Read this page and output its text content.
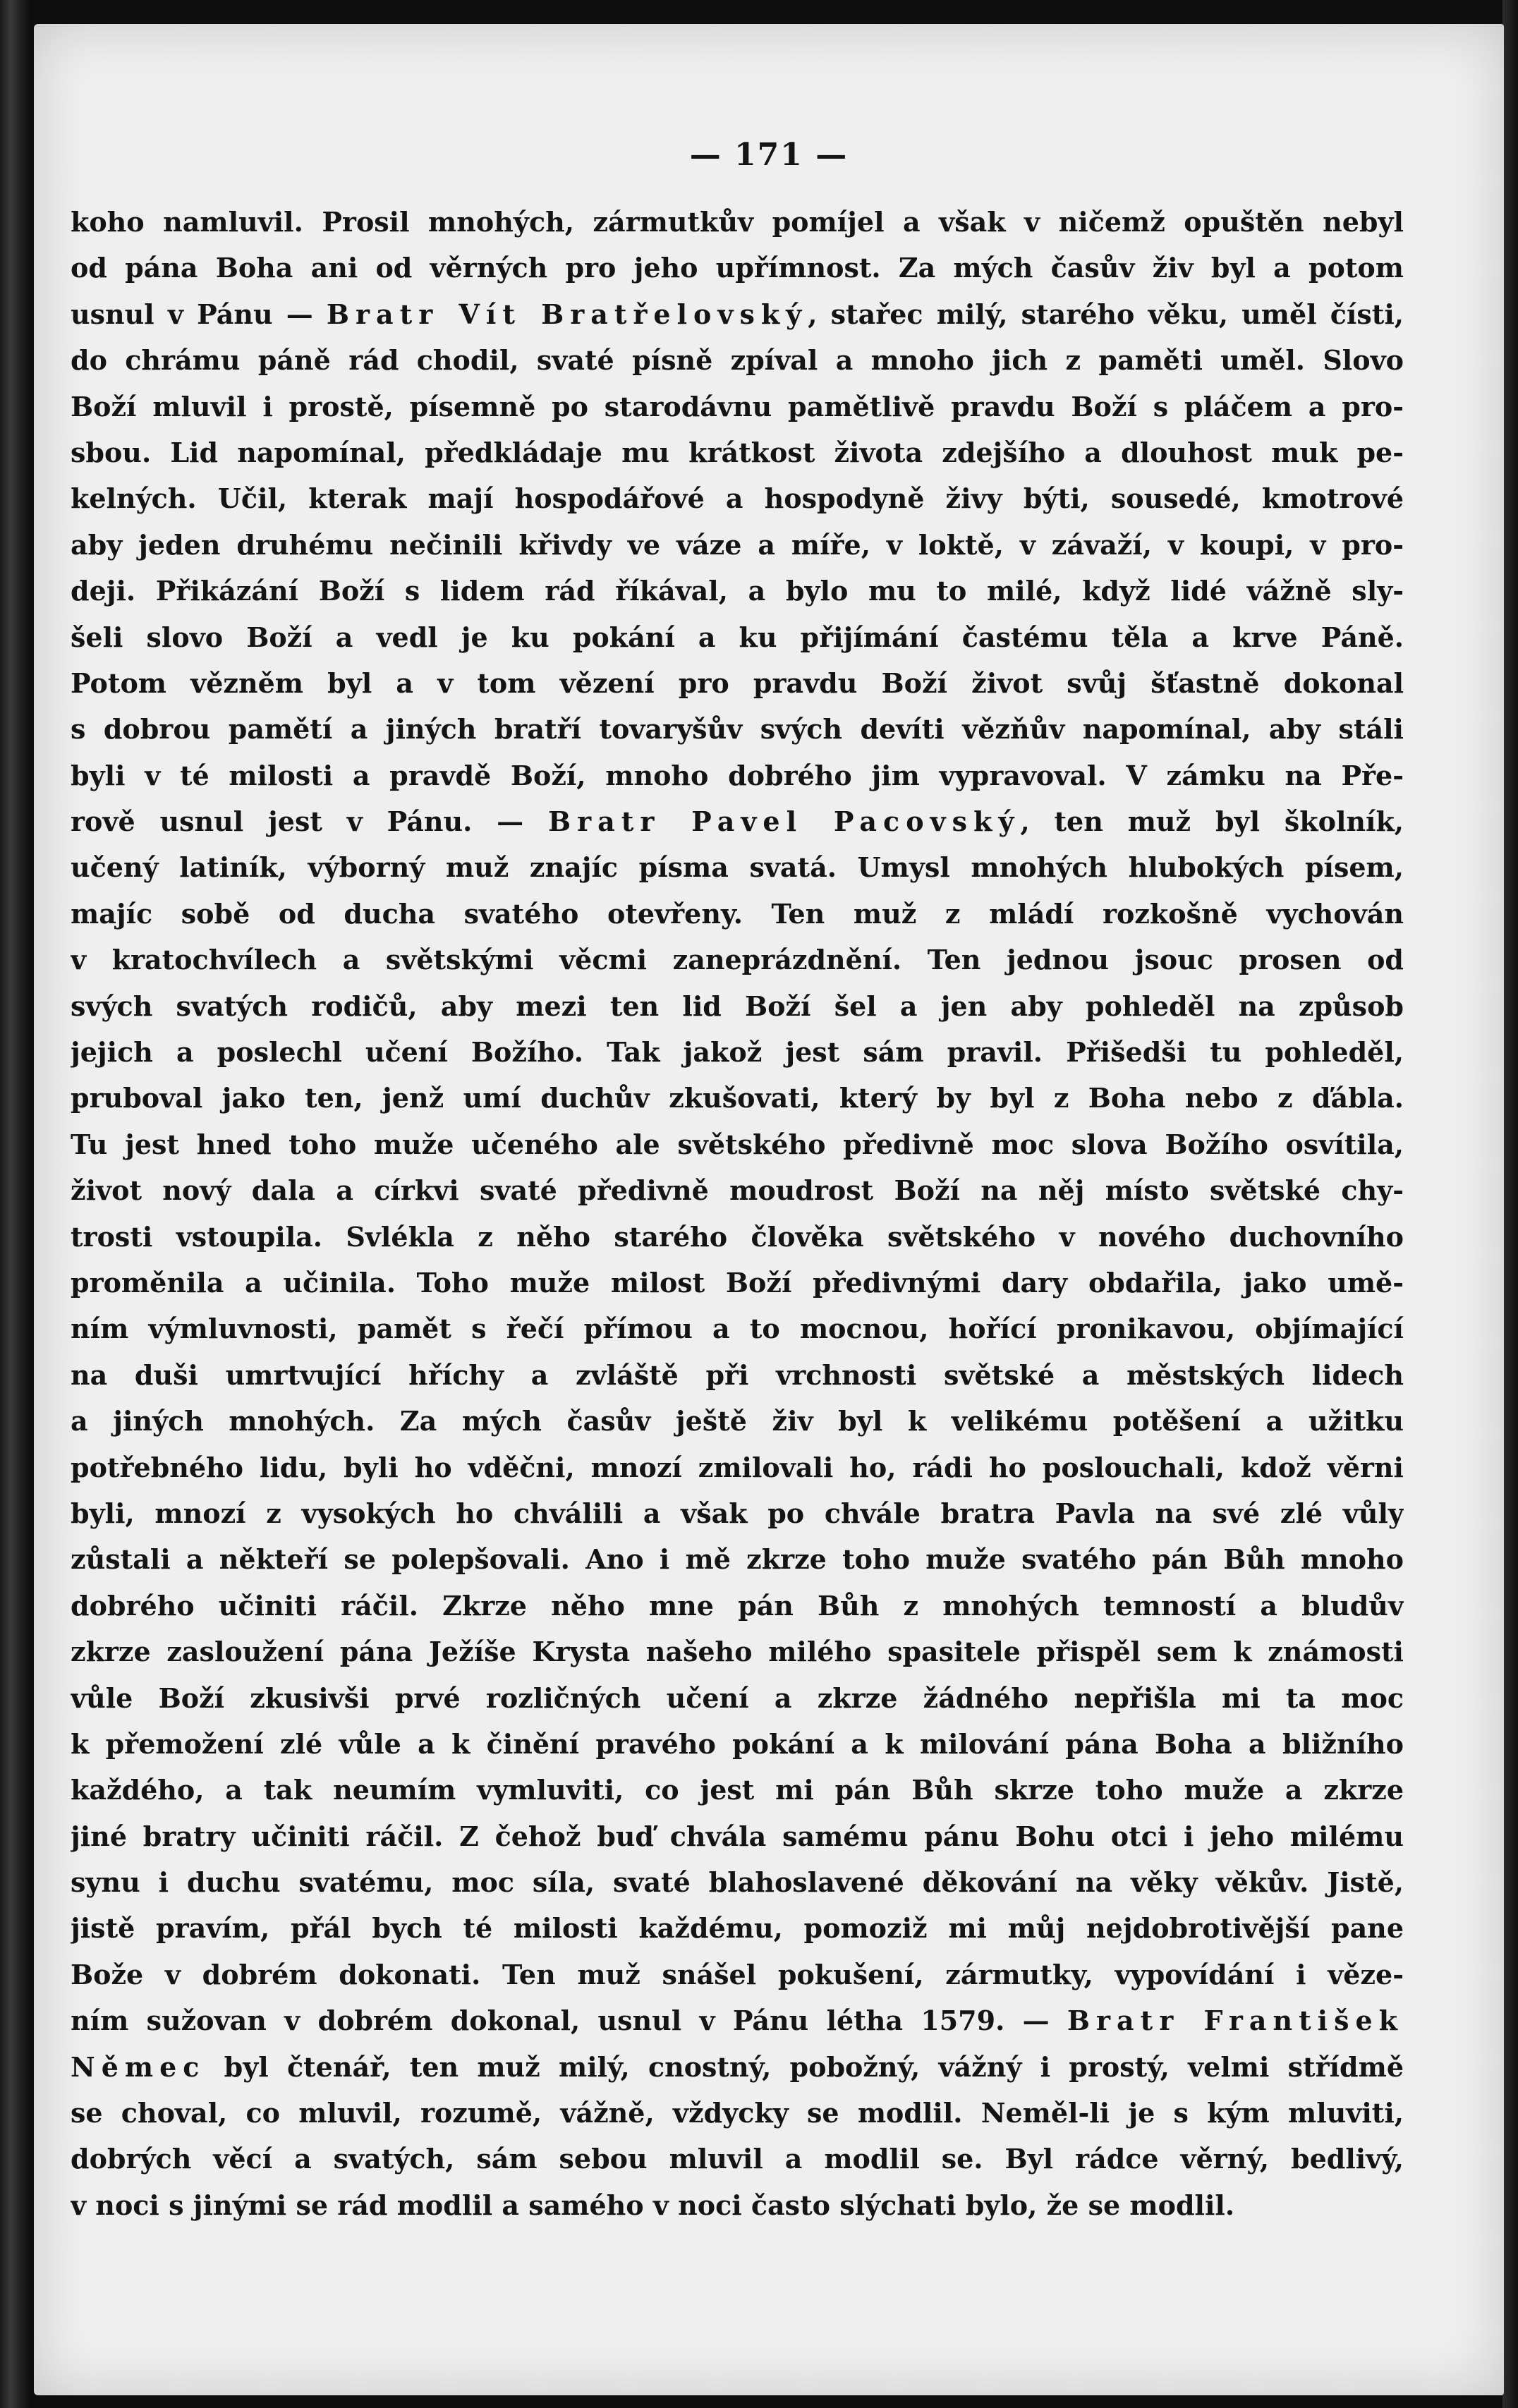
— 171 —
koho namluvil. Prosil mnohých, zármutkův pomíjel a však v ničemž opuštěn nebyl
od pána Boha ani od věrných pro jeho upřímnost. Za mých časův živ byl a potom
usnul v Pánu — Bratr Vít Bratřelovský, stařec milý, starého věku, uměl čísti,
do chrámu páně rád chodil, svaté písně zpíval a mnoho jich z paměti uměl. Slovo
Boží mluvil i prostě, písemně po starodávnu pamětlivě pravdu Boží s pláčem a pro-
sbou. Lid napomínal, předkládaje mu krátkost života zdejšího a dlouhost muk pe-
kelných. Učil, kterak mají hospodářové a hospodyně živy býti, sousedé, kmotrové
aby jeden druhému nečinili křivdy ve váze a míře, v loktě, v závaží, v koupi, v pro-
deji. Přikázání Boží s lidem rád říkával, a bylo mu to milé, když lidé vážně sly-
šeli slovo Boží a vedl je ku pokání a ku přijímání častému těla a krve Páně.
Potom vězněm byl a v tom vězení pro pravdu Boží život svůj šťastně dokonal
s dobrou pamětí a jiných bratří tovaryšův svých devíti vězňův napomínal, aby stáli
byli v té milosti a pravdě Boží, mnoho dobrého jim vypravoval. V zámku na Pře-
rově usnul jest v Pánu. — Bratr Pavel Pacovský, ten muž byl školník,
učený latiník, výborný muž znajíc písma svatá. Umysl mnohých hlubokých písem,
majíc sobě od ducha svatého otevřeny. Ten muž z mládí rozkošně vychován
v kratochvílech a světskými věcmi zaneprázdnění. Ten jednou jsouc prosen od
svých svatých rodičů, aby mezi ten lid Boží šel a jen aby pohleděl na způsob
jejich a poslechl učení Božího. Tak jakož jest sám pravil. Přišedši tu pohleděl,
pruboval jako ten, jenž umí duchův zkušovati, který by byl z Boha nebo z ďábla.
Tu jest hned toho muže učeného ale světského předivně moc slova Božího osvítila,
život nový dala a církvi svaté předivně moudrost Boží na něj místo světské chy-
trosti vstoupila. Svlékla z něho starého člověka světského v nového duchovního
proměnila a učinila. Toho muže milost Boží předivnými dary obdařila, jako umě-
ním výmluvnosti, pamět s řečí přímou a to mocnou, hořící pronikavou, objímající
na duši umrtvující hříchy a zvláště při vrchnosti světské a městských lidech
a jiných mnohých. Za mých časův ještě živ byl k velikému potěšení a užitku
potřebného lidu, byli ho vděčni, mnozí zmilovali ho, rádi ho poslouchali, kdož věrni
byli, mnozí z vysokých ho chválili a však po chvále bratra Pavla na své zlé vůly
zůstali a někteří se polepšovali. Ano i mě zkrze toho muže svatého pán Bůh mnoho
dobrého učiniti ráčil. Zkrze něho mne pán Bůh z mnohých temností a bludův
zkrze zasloužení pána Ježíše Krysta našeho milého spasitele přispěl sem k známosti
vůle Boží zkusivši prvé rozličných učení a zkrze žádného nepřišla mi ta moc
k přemožení zlé vůle a k činění pravého pokání a k milování pána Boha a bližního
každého, a tak neumím vymluviti, co jest mi pán Bůh skrze toho muže a zkrze
jiné bratry učiniti ráčil. Z čehož buď chvála samému pánu Bohu otci i jeho milému
synu i duchu svatému, moc síla, svaté blahoslavené děkování na věky věkův. Jistě,
jistě pravím, přál bych té milosti každému, pomoziž mi můj nejdobrotivější pane
Bože v dobrém dokonati. Ten muž snášel pokušení, zármutky, vypovídání i vězе-
ním sužovan v dobrém dokonal, usnul v Pánu létha 1579. — Bratr František
Němec byl čtenář, ten muž milý, cnostný, pobožný, vážný i prostý, velmi střídmě
se choval, co mluvil, rozumě, vážně, vždycky se modlil. Neměl-li je s kým mluviti,
dobrých věcí a svatých, sám sebou mluvil a modlil se. Byl rádce věrný, bedlivý,
v noci s jinými se rád modlil a samého v noci často slýchati bylo, že se modlil.
